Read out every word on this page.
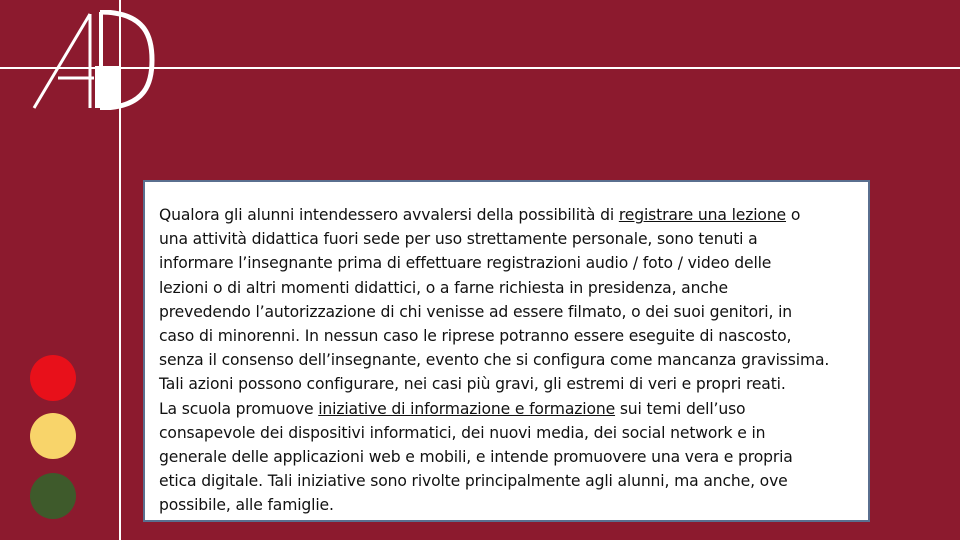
Qualora gli alunni intendessero avvalersi della possibilità di registrare una lezione o
una attività didattica fuori sede per uso strettamente personale, sono tenuti a
informare l’insegnante prima di effettuare registrazioni audio / foto / video delle
lezioni o di altri momenti didattici, o a farne richiesta in presidenza, anche
prevedendo l’autorizzazione di chi venisse ad essere filmato, o dei suoi genitori, in
caso di minorenni. In nessun caso le riprese potranno essere eseguite di nascosto,
senza il consenso dell’insegnante, evento che si configura come mancanza gravissima.
Tali azioni possono configurare, nei casi più gravi, gli estremi di veri e propri reati.

La scuola promuove iniziative di informazione e formazione sui temi dell’uso
consapevole dei dispositivi informatici, dei nuovi media, dei social network e in
generale delle applicazioni web e mobili, e intende promuovere una vera e propria
etica digitale. Tali iniziative sono rivolte principalmente agli alunni, ma anche, ove
possibile, alle famiglie.
